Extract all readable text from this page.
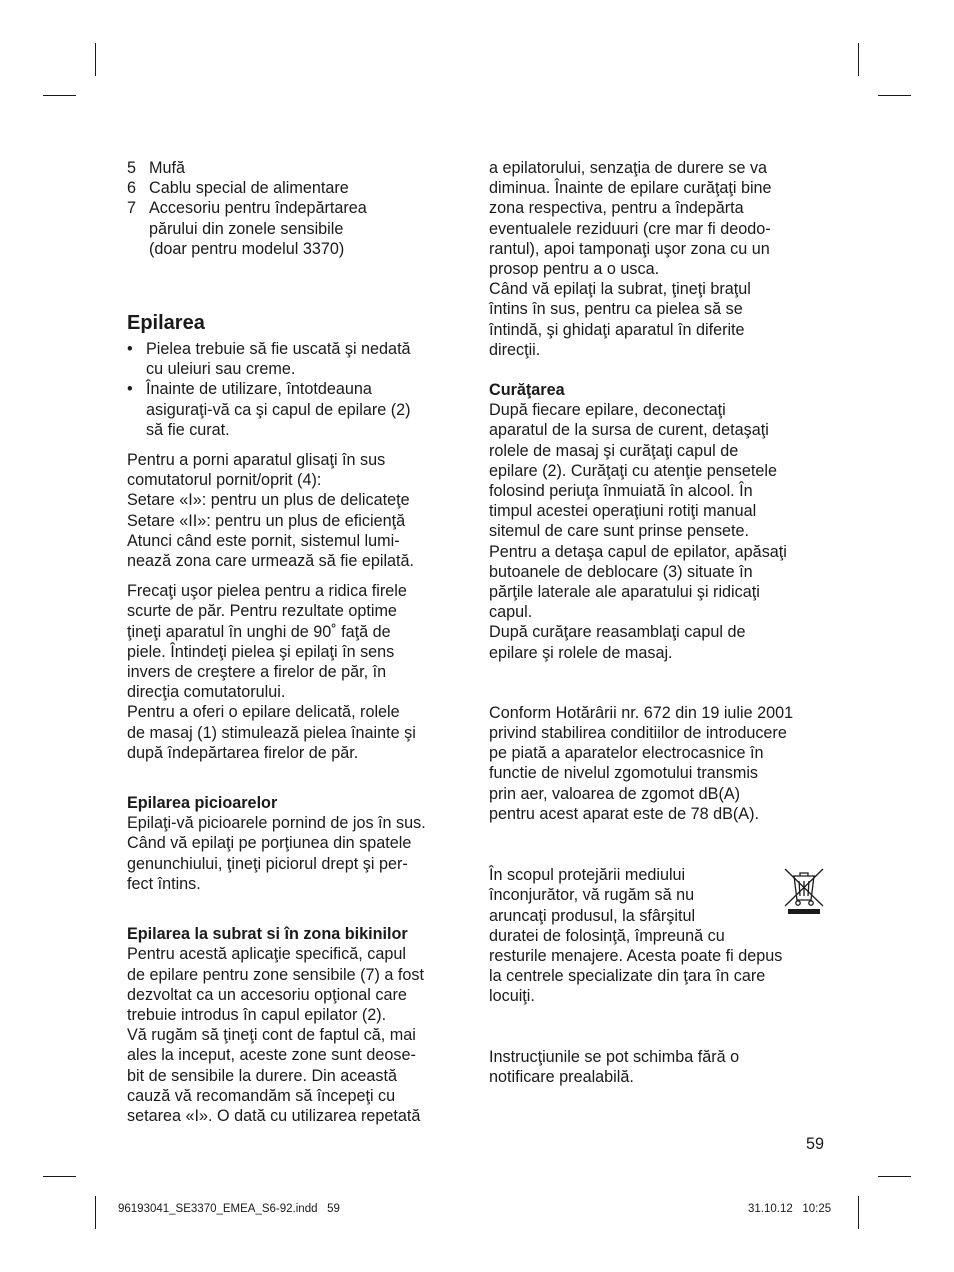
5 Mufă
6 Cablu special de alimentare
7 Accesoriu pentru îndepărtarea
părului din zonele sensibile
(doar pentru modelul 3370)
Epilarea
• Pielea trebuie să fie uscată şi nedată
cu uleiuri sau creme.
• Înainte de utilizare, întotdeauna
asiguraţi-vă ca şi capul de epilare (2)
să fie curat.

Pentru a porni aparatul glisaţi în sus
comutatorul pornit/oprit (4):
Setare «I»: pentru un plus de delicateţe
Setare «II»: pentru un plus de eficienţă
Atunci când este pornit, sistemul lumi-
nează zona care urmează să fie epilată.

Frecaţi uşor pielea pentru a ridica firele
scurte de păr. Pentru rezultate optime
ţineţi aparatul în unghi de 90˚ faţă de
piele. Întindeţi pielea şi epilaţi în sens
invers de creştere a firelor de păr, în
direcţia comutatorului.
Pentru a oferi o epilare delicată, rolele
de masaj (1) stimulează pielea înainte şi
după îndepărtarea firelor de păr.

Epilarea picioarelor
Epilaţi-vă picioarele pornind de jos în sus.
Când vă epilaţi pe porţiunea din spatele
genunchiului, ţineţi piciorul drept şi per-
fect întins.

Epilarea la subrat si în zona bikinilor
Pentru acestă aplicaţie specifică, capul
de epilare pentru zone sensibile (7) a fost
dezvoltat ca un accesoriu opţional care
trebuie introdus în capul epilator (2).
Vă rugăm să ţineţi cont de faptul că, mai
ales la inceput, aceste zone sunt deose-
bit de sensibile la durere. Din această
cauză vă recomandăm să începeţi cu
setarea «I». O dată cu utilizarea repetată

a epilatorului, senzaţia de durere se va
diminua. Înainte de epilare curăţaţi bine
zona respectiva, pentru a îndepărta
eventualele reziduuri (cre mar fi deodo-
rantul), apoi tamponaţi uşor zona cu un
prosop pentru a o usca.
Când vă epilaţi la subrat, ţineţi braţul
întins în sus, pentru ca pielea să se
întindă, şi ghidaţi aparatul în diferite
direcţii.

Curăţarea
După fiecare epilare, deconectaţi
aparatul de la sursa de curent, detaşaţi
rolele de masaj şi curăţaţi capul de
epilare (2). Curăţaţi cu atenţie pensetele
folosind periuţa înmuiată în alcool. În
timpul acestei operaţiuni rotiţi manual
sitemul de care sunt prinse pensete.
Pentru a detaşa capul de epilator, apăsaţi
butoanele de deblocare (3) situate în
părţile laterale ale aparatului şi ridicaţi
capul.
După curăţare reasamblaţi capul de
epilare şi rolele de masaj.

Conform Hotărârii nr. 672 din 19 iulie 2001
privind stabilirea conditiilor de introducere
pe piată a aparatelor electrocasnice în
functie de nivelul zgomotului transmis
prin aer, valoarea de zgomot dB(A)
pentru acest aparat este de 78 dB(A).

În scopul protejării mediului
înconjurător, vă rugăm să nu
aruncaţi produsul, la sfârşitul
duratei de folosinţă, împreună cu
resturile menajere. Acesta poate fi depus
la centrele specializate din ţara în care
locuiţi.

Instrucţiunile se pot schimba fără o
notificare prealabilă.

59
96193041_SE3370_EMEA_S6-92.indd   59	31.10.12   10:25
